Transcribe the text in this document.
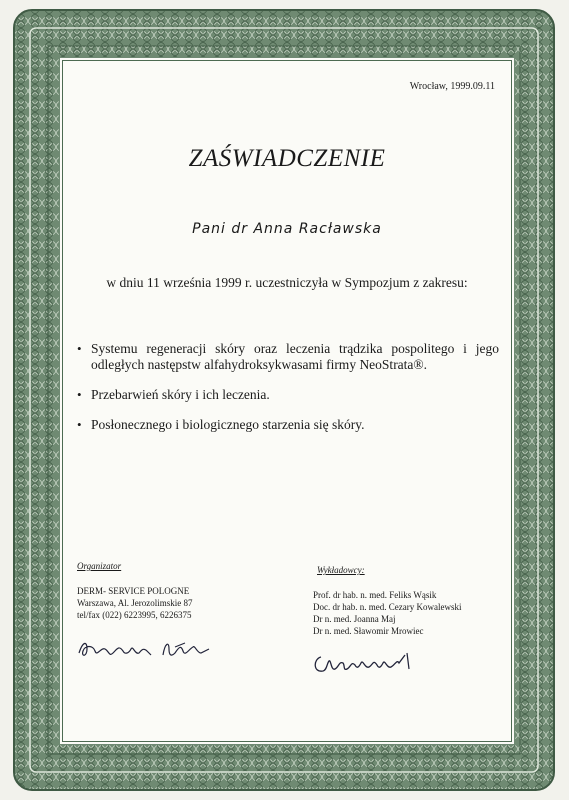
Wrocław, 1999.09.11
ZAŚWIADCZENIE
Pani dr Anna Racławska
w dniu 11 września 1999 r. uczestniczyła w Sympozjum z zakresu:
• Systemu regeneracji skóry oraz leczenia trądzika pospolitego i jego odległych następstw alfahydroksykwasami firmy NeoStrata®.
• Przebarwień skóry i ich leczenia.
• Posłonecznego i biologicznego starzenia się skóry.
Organizator
DERM- SERVICE POLOGNE
Warszawa, Al. Jerozolimskie 87
tel/fax (022) 6223995, 6226375
Wykładowcy:
Prof. dr hab. n. med. Feliks Wąsik
Doc. dr hab. n. med. Cezary Kowalewski
Dr n. med. Joanna Maj
Dr n. med. Sławomir Mrowiec
